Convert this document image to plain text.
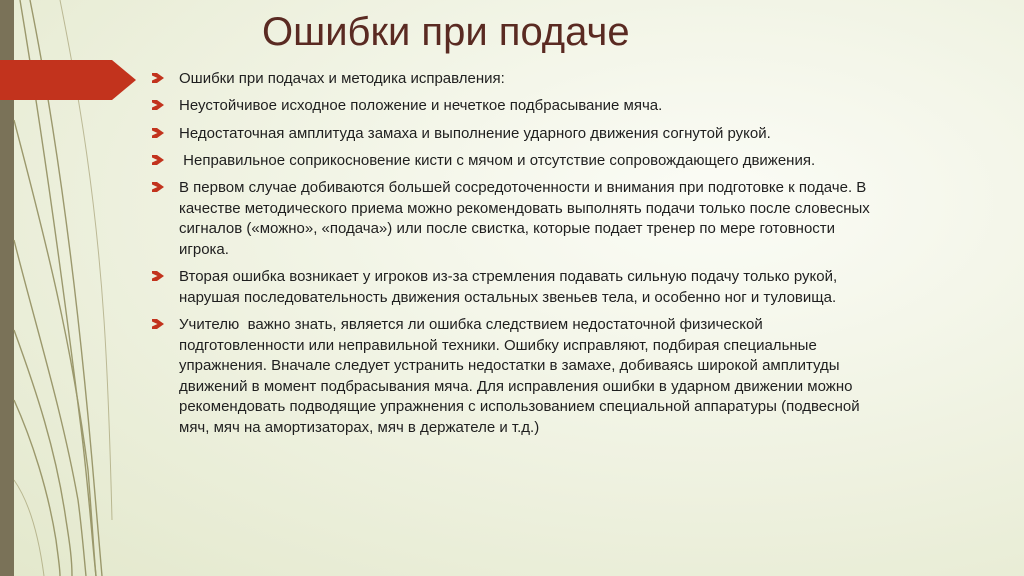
Ошибки при подаче
Ошибки при подачах и методика исправления:
Неустойчивое исходное положение и нечеткое подбрасывание мяча.
Недостаточная амплитуда замаха и выполнение ударного движения согнутой рукой.
Неправильное соприкосновение кисти с мячом и отсутствие сопровождающего движения.
В первом случае добиваются большей сосредоточенности и внимания при подготовке к подаче. В качестве методического приема можно рекомендовать выполнять подачи только после словесных сигналов («можно», «подача») или после свистка, которые подает тренер по мере готовности игрока.
Вторая ошибка возникает у игроков из-за стремления подавать сильную подачу только рукой, нарушая последовательность движения остальных звеньев тела, и особенно ног и туловища.
Учителю  важно знать, является ли ошибка следствием недостаточной физической подготовленности или неправильной техники. Ошибку исправляют, подбирая специальные упражнения. Вначале следует устранить недостатки в замахе, добиваясь широкой амплитуды движений в момент подбрасывания мяча. Для исправления ошибки в ударном движении можно рекомендовать подводящие упражнения с использованием специальной аппаратуры (подвесной мяч, мяч на амортизаторах, мяч в держателе и т.д.)
